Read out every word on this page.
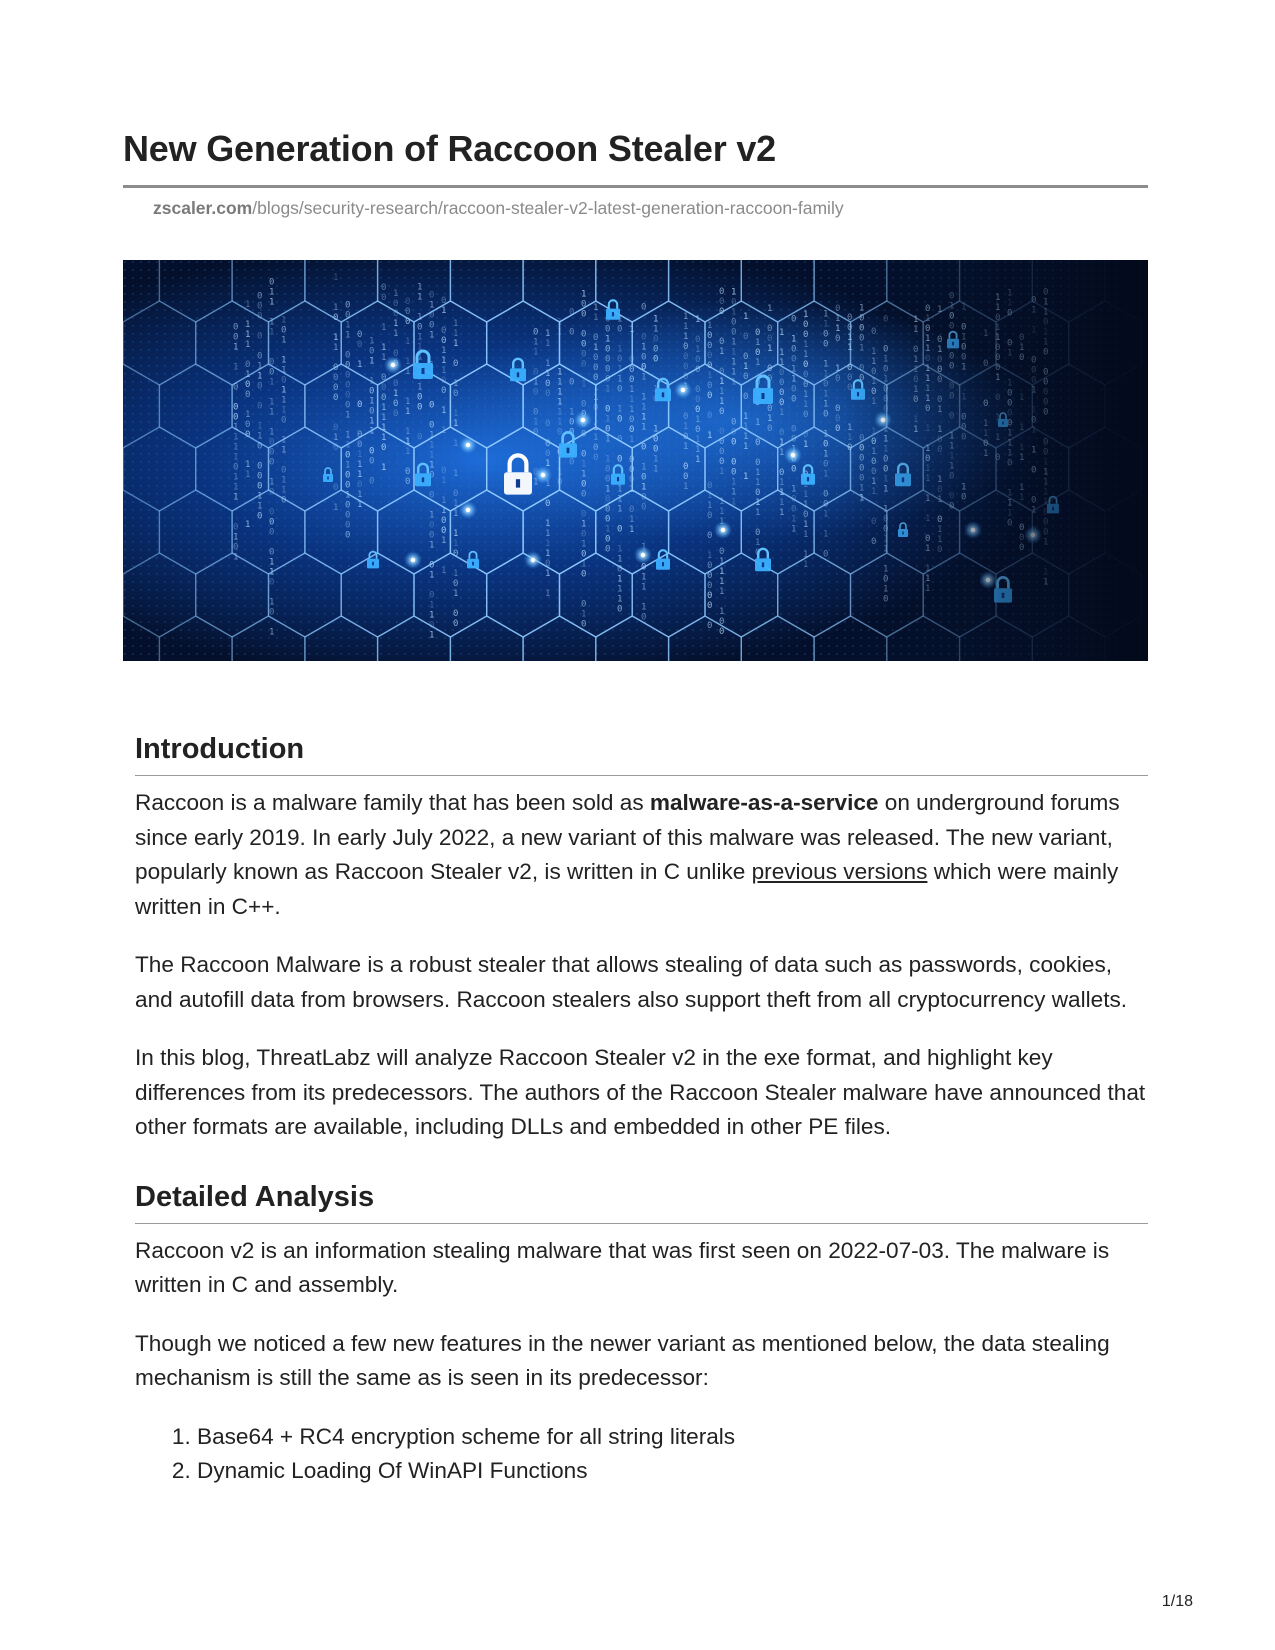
New Generation of Raccoon Stealer v2
zscaler.com/blogs/security-research/raccoon-stealer-v2-latest-generation-raccoon-family
Introduction

Raccoon is a malware family that has been sold as malware-as-a-service on underground forums since early 2019. In early July 2022, a new variant of this malware was released. The new variant, popularly known as Raccoon Stealer v2, is written in C unlike previous versions which were mainly written in C++.

The Raccoon Malware is a robust stealer that allows stealing of data such as passwords, cookies, and autofill data from browsers. Raccoon stealers also support theft from all cryptocurrency wallets.

In this blog, ThreatLabz will analyze Raccoon Stealer v2 in the exe format, and highlight key differences from its predecessors. The authors of the Raccoon Stealer malware have announced that other formats are available, including DLLs and embedded in other PE files.

Detailed Analysis

Raccoon v2 is an information stealing malware that was first seen on 2022-07-03. The malware is written in C and assembly.

Though we noticed a few new features in the newer variant as mentioned below, the data stealing mechanism is still the same as is seen in its predecessor:

1. Base64 + RC4 encryption scheme for all string literals
2. Dynamic Loading Of WinAPI Functions
1/18
